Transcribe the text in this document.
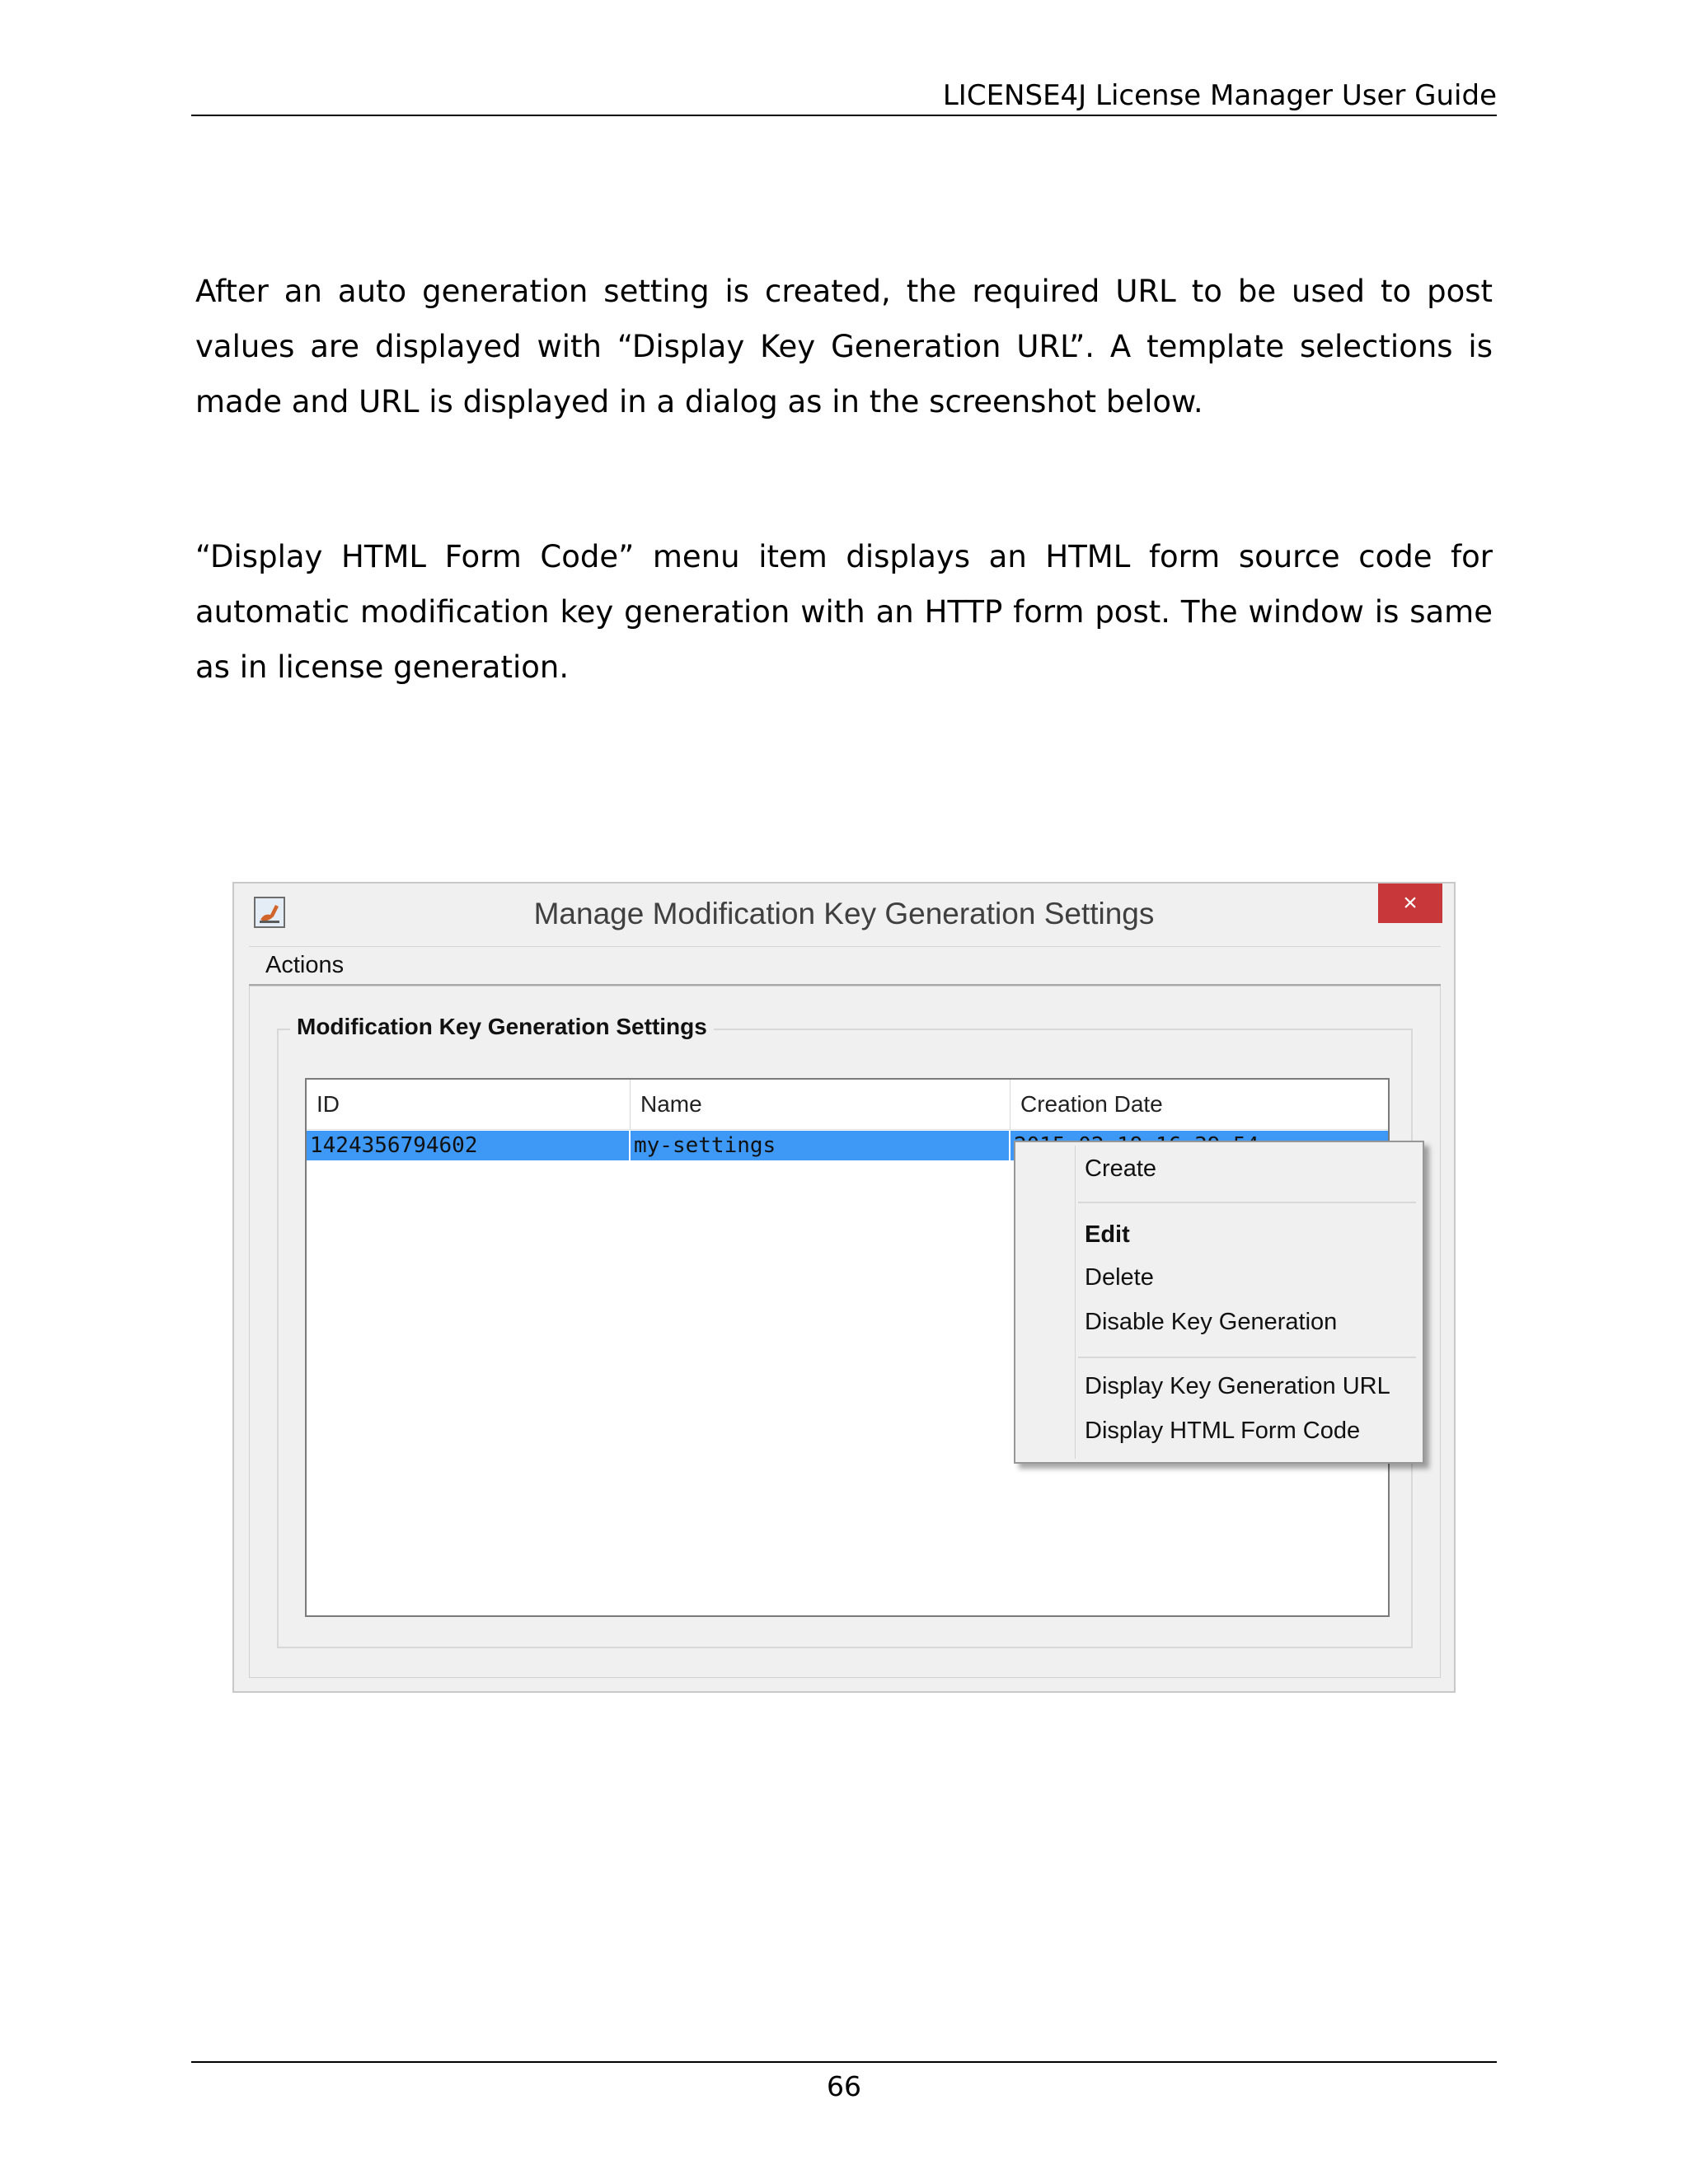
LICENSE4J License Manager User Guide

After an auto generation setting is created, the required URL to be used to post values are displayed with “Display Key Generation URL”. A template selections is made and URL is displayed in a dialog as in the screenshot below.

“Display HTML Form Code” menu item displays an HTML form source code for automatic modification key generation with an HTTP form post. The window is same as in license generation.

Manage Modification Key Generation Settings	×
Actions
Modification Key Generation Settings
ID	Name	Creation Date
1424356794602	my-settings
Create
Edit
Delete
Disable Key Generation
Display Key Generation URL
Display HTML Form Code
66
